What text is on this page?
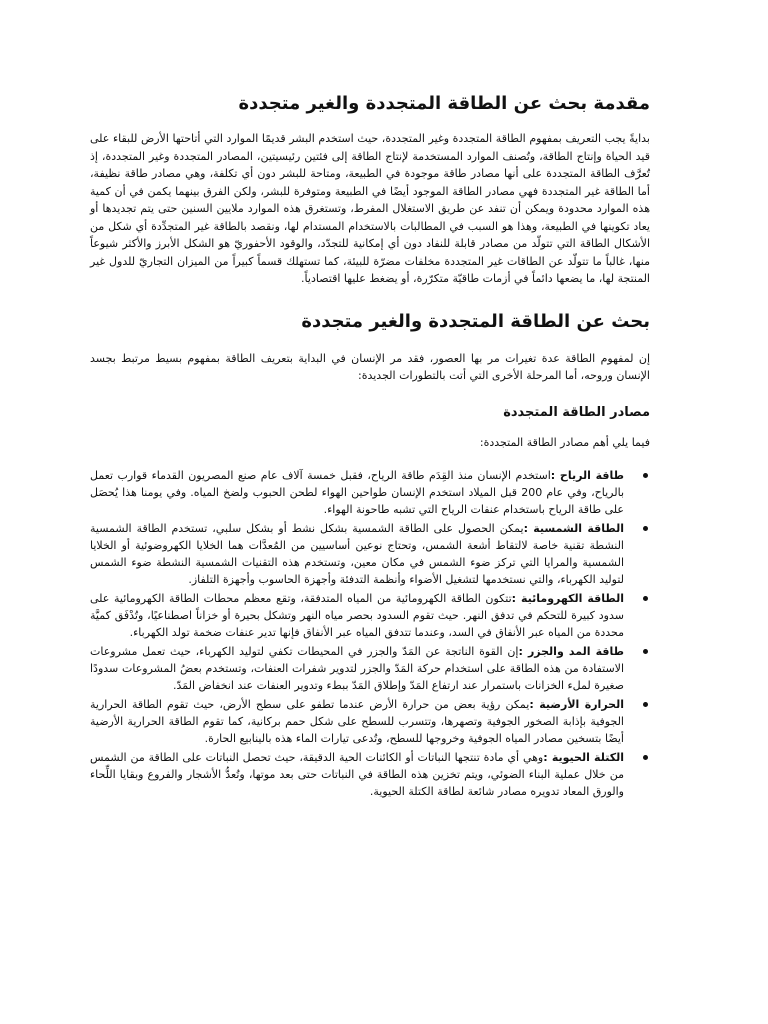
مقدمة بحث عن الطاقة المتجددة والغير متجددة

بدايةً يجب التعريف بمفهوم الطاقة المتجددة وغير المتجددة، حيث استخدم البشر قديمًا الموارد التي أتاحتها الأرض للبقاء على قيد الحياة وإنتاج الطاقة، وتُصنف الموارد المستخدمة لإنتاج الطاقة إلى فئتين رئيسيتين، المصادر المتجددة وغير المتجددة، إذ تُعرَّف الطاقة المتجددة على أنها مصادر طاقة موجودة في الطبيعة، ومتاحة للبشر دون أي تكلفة، وهي مصادر طاقة نظيفة، أما الطاقة غير المتجددة فهي مصادر الطاقة الموجود أيضًا في الطبيعة ومتوفرة للبشر، ولكن الفرق بينهما يكمن في أن كمية هذه الموارد محدودة ويمكن أن تنفد عن طريق الاستغلال المفرط، وتستغرق هذه الموارد ملايين السنين حتى يتم تجديدها أو يعاد تكوينها في الطبيعة، وهذا هو السبب في المطالبات بالاستخدام المستدام لها، ونقصد بالطاقة غير المتجدِّدة أي شكل من الأشكال الطاقة التي تتولّد من مصادر قابلة للنفاد دون أي إمكانية للتجدّد، والوقود الأحفوريّ هو الشكل الأبرز والأكثر شيوعاً منها، غالباً ما تتولّد عن الطاقات غير المتجددة مخلفات مضرّة للبيئة، كما تستهلك قسماً كبيراً من الميزان التجاريّ للدول غير المنتجة لها، ما يضعها دائماً في أزمات طاقيّة متكرّرة، أو يضغط عليها اقتصادياً.

بحث عن الطاقة المتجددة والغير متجددة

إن لمفهوم الطاقة عدة تغيرات مر بها العصور، فقد مر الإنسان في البداية بتعريف الطاقة بمفهوم بسيط مرتبط بجسد الإنسان وروحه، أما المرحلة الأخرى التي أتت بالتطورات الجديدة:

مصادر الطاقة المتجددة

فيما يلي أهم مصادر الطاقة المتجددة:

طاقة الرياح :استخدم الإنسان منذ القِدَم طاقة الرياح، فقبل خمسة آلاف عام صنع المصريون القدماء قوارب تعمل بالرياح، وفي عام 200 قبل الميلاد استخدم الإنسان طواحين الهواء لطحن الحبوب ولضخ المياه. وفي يومنا هذا يُحصَل على طاقة الرياح باستخدام عنفات الرياح التي تشبه طاحونة الهواء.
الطاقة الشمسية :يمكن الحصول على الطاقة الشمسية بشكل نشط أو بشكل سلبي، تستخدم الطاقة الشمسية النشطة تقنية خاصة لالتقاط أشعة الشمس، وتحتاج نوعين أساسيين من المُعدَّات هما الخلايا الكهروضوئية أو الخلايا الشمسية والمرايا التي تركز ضوء الشمس في مكان معين، وتستخدم هذه التقنيات الشمسية النشطة ضوء الشمس لتوليد الكهرباء، والتي نستخدمها لتشغيل الأضواء وأنظمة التدفئة وأجهزة الحاسوب وأجهزة التلفاز.
الطاقة الكهرومائية :تتكون الطاقة الكهرومائية من المياه المتدفقة، وتقع معظم محطات الطاقة الكهرومائية على سدود كبيرة للتحكم في تدفق النهر. حيث تقوم السدود بحصر مياه النهر وتشكل بحيرة أو خزاناً اصطناعيًا، وتُدْفَق كميَّة محددة من المياه عبر الأنفاق في السد، وعندما تتدفق المياه عبر الأنفاق فإنها تدير عنفات ضخمة تولد الكهرباء.
طاقة المد والجزر :إن القوة الناتجة عن المَدّ والجزر في المحيطات تكفي لتوليد الكهرباء، حيث تعمل مشروعات الاستفادة من هذه الطاقة على استخدام حركة المَدّ والجزر لتدوير شفرات العنفات، وتستخدم بعضُ المشروعات سدودًا صغيرة لملء الخزانات باستمرار عند ارتفاع المَدّ وإطلاق المَدّ ببطء وتدوير العنفات عند انخفاض المَدّ.
الحرارة الأرضية :يمكن رؤية بعض من حرارة الأرض عندما تطفو على سطح الأرض، حيث تقوم الطاقة الحرارية الجوفية بإذابة الصخور الجوفية وتصهرها، وتتسرب للسطح على شكل حمم بركانية، كما تقوم الطاقة الحرارية الأرضية أيضًا بتسخين مصادر المياه الجوفية وخروجها للسطح، وتُدعى تيارات الماء هذه بالينابيع الحارة.
الكتلة الحيوية :وهي أي مادة تنتجها النباتات أو الكائنات الحية الدقيقة، حيث تحصل النباتات على الطاقة من الشمس من خلال عملية البناء الضوئي، ويتم تخزين هذه الطاقة في النباتات حتى بعد موتها، وتُعدُّ الأشجار والفروع وبقايا اللِّحاء والورق المعاد تدويره مصادر شائعة لطاقة الكتلة الحيوية.
